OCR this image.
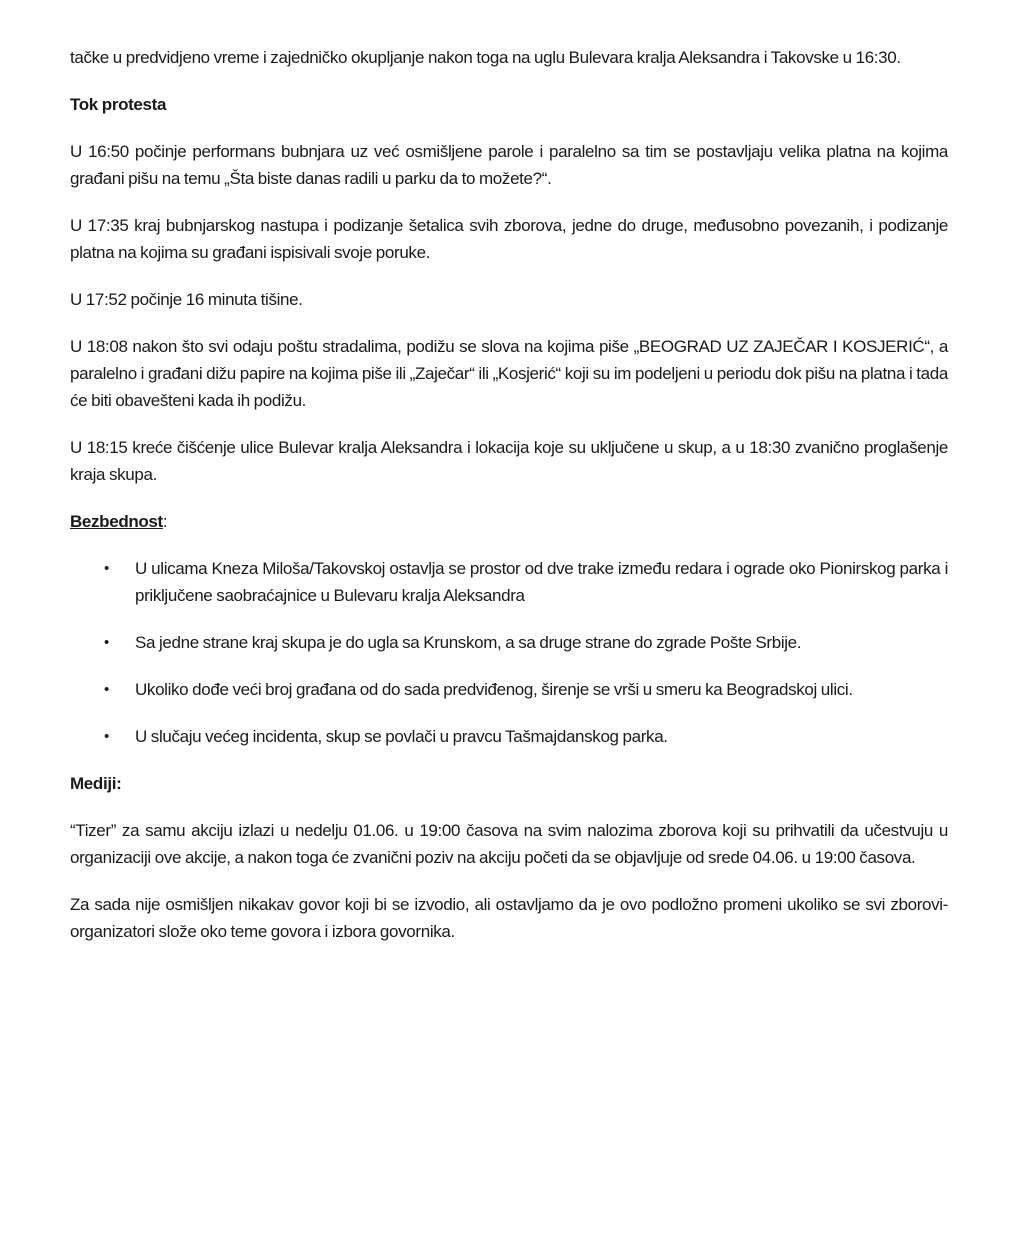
tačke u predvidjeno vreme i zajedničko okupljanje nakon toga na uglu Bulevara kralja Aleksandra i Takovske u 16:30.

Tok protesta

U 16:50 počinje performans bubnjara uz već osmišljene parole i paralelno sa tim se postavljaju velika platna na kojima građani pišu na temu „Šta biste danas radili u parku da to možete?“.

U 17:35 kraj bubnjarskog nastupa i podizanje šetalica svih zborova, jedne do druge, međusobno povezanih, i podizanje platna na kojima su građani ispisivali svoje poruke.

U 17:52 počinje 16 minuta tišine.

U 18:08 nakon što svi odaju poštu stradalima, podižu se slova na kojima piše „BEOGRAD UZ ZAJEČAR I KOSJERIĆ“, a paralelno i građani dižu papire na kojima piše ili „Zaječar“ ili „Kosjerić“ koji su im podeljeni u periodu dok pišu na platna i tada će biti obavešteni kada ih podižu.

U 18:15 kreće čišćenje ulice Bulevar kralja Aleksandra i lokacija koje su uključene u skup, a u 18:30 zvanično proglašenje kraja skupa.

Bezbednost:
• U ulicama Kneza Miloša/Takovskoj ostavlja se prostor od dve trake između redara i ograde oko Pionirskog parka i priključene saobraćajnice u Bulevaru kralja Aleksandra
• Sa jedne strane kraj skupa je do ugla sa Krunskom, a sa druge strane do zgrade Pošte Srbije.
• Ukoliko dođe veći broj građana od do sada predviđenog, širenje se vrši u smeru ka Beogradskoj ulici.
• U slučaju većeg incidenta, skup se povlači u pravcu Tašmajdanskog parka.
Mediji:

“Tizer” za samu akciju izlazi u nedelju 01.06. u 19:00 časova na svim nalozima zborova koji su prihvatili da učestvuju u organizaciji ove akcije, a nakon toga će zvanični poziv na akciju početi da se objavljuje od srede 04.06. u 19:00 časova.

Za sada nije osmišljen nikakav govor koji bi se izvodio, ali ostavljamo da je ovo podložno promeni ukoliko se svi zborovi-organizatori slože oko teme govora i izbora govornika.
